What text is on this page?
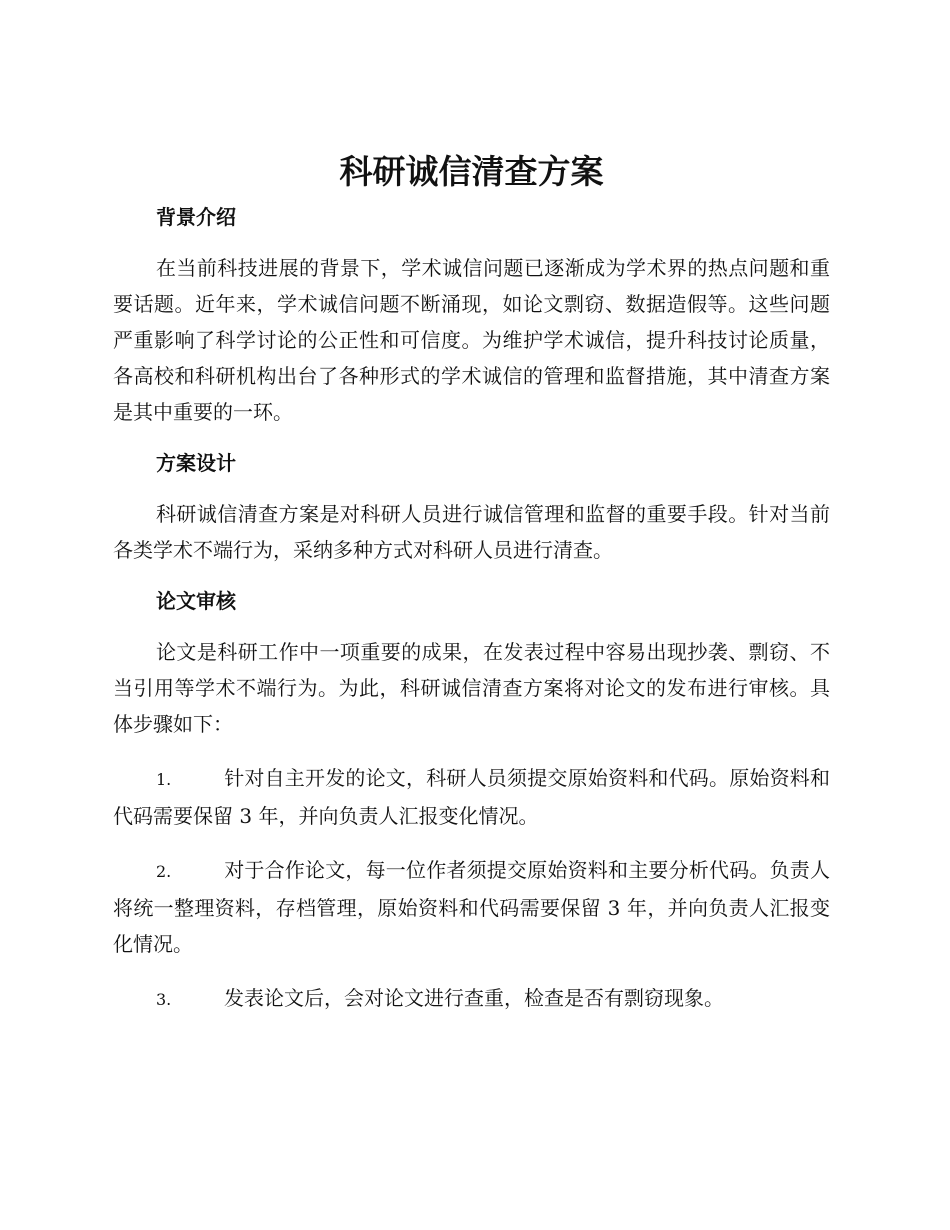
科研诚信清查方案
背景介绍

在当前科技进展的背景下，学术诚信问题已逐渐成为学术界的热点问题和重要话题。近年来，学术诚信问题不断涌现，如论文剽窃、数据造假等。这些问题严重影响了科学讨论的公正性和可信度。为维护学术诚信，提升科技讨论质量，各高校和科研机构出台了各种形式的学术诚信的管理和监督措施，其中清查方案是其中重要的一环。

方案设计

科研诚信清查方案是对科研人员进行诚信管理和监督的重要手段。针对当前各类学术不端行为，采纳多种方式对科研人员进行清查。

论文审核

论文是科研工作中一项重要的成果，在发表过程中容易出现抄袭、剽窃、不当引用等学术不端行为。为此，科研诚信清查方案将对论文的发布进行审核。具体步骤如下：

1.	针对自主开发的论文，科研人员须提交原始资料和代码。原始资料和代码需要保留 3 年，并向负责人汇报变化情况。

2.	对于合作论文，每一位作者须提交原始资料和主要分析代码。负责人将统一整理资料，存档管理，原始资料和代码需要保留 3 年，并向负责人汇报变化情况。

3.	发表论文后，会对论文进行查重，检查是否有剽窃现象。
